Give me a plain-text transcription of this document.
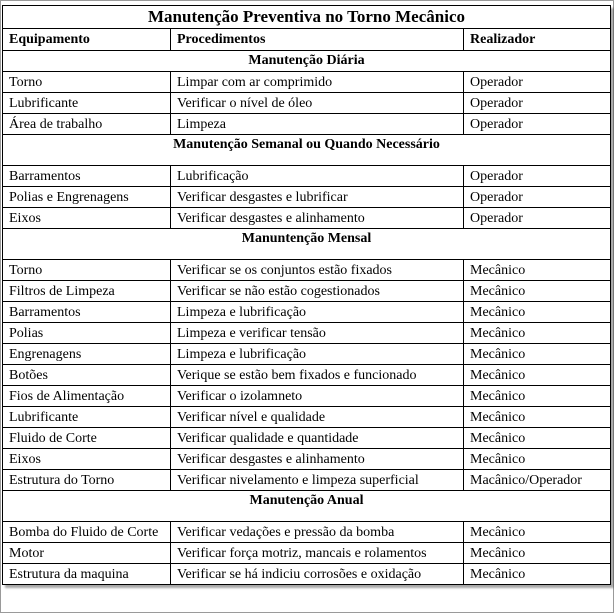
Manutenção Preventiva no Torno Mecânico		
Equipamento	Procedimentos	Realizador
Manutenção Diária		
Torno	Limpar com ar comprimido	Operador
Lubrificante	Verificar o nível de óleo	Operador
Área de trabalho	Limpeza	Operador
Manutenção Semanal ou Quando Necessário		
Barramentos	Lubrificação	Operador
Polias e Engrenagens	Verificar desgastes e lubrificar	Operador
Eixos	Verificar desgastes e alinhamento	Operador
Manuntenção Mensal		
Torno	Verificar se os conjuntos estão fixados	Mecânico
Filtros de Limpeza	Verificar se não estão cogestionados	Mecânico
Barramentos	Limpeza e lubrificação	Mecânico
Polias	Limpeza e verificar tensão	Mecânico
Engrenagens	Limpeza e lubrificação	Mecânico
Botões	Verique se estão bem fixados e funcionado	Mecânico
Fios de Alimentação	Verificar o izolamneto	Mecânico
Lubrificante	Verificar nível e qualidade	Mecânico
Fluido de Corte	Verificar qualidade e quantidade	Mecânico
Eixos	Verificar desgastes e alinhamento	Mecânico
Estrutura do Torno	Verificar nivelamento e limpeza superficial	Macânico/Operador
Manutenção Anual		
Bomba do Fluido de Corte	Verificar vedações e pressão da bomba	Mecânico
Motor	Verificar força motriz, mancais e rolamentos	Mecânico
Estrutura da maquina	Verificar se há indiciu corrosões e oxidação	Mecânico
